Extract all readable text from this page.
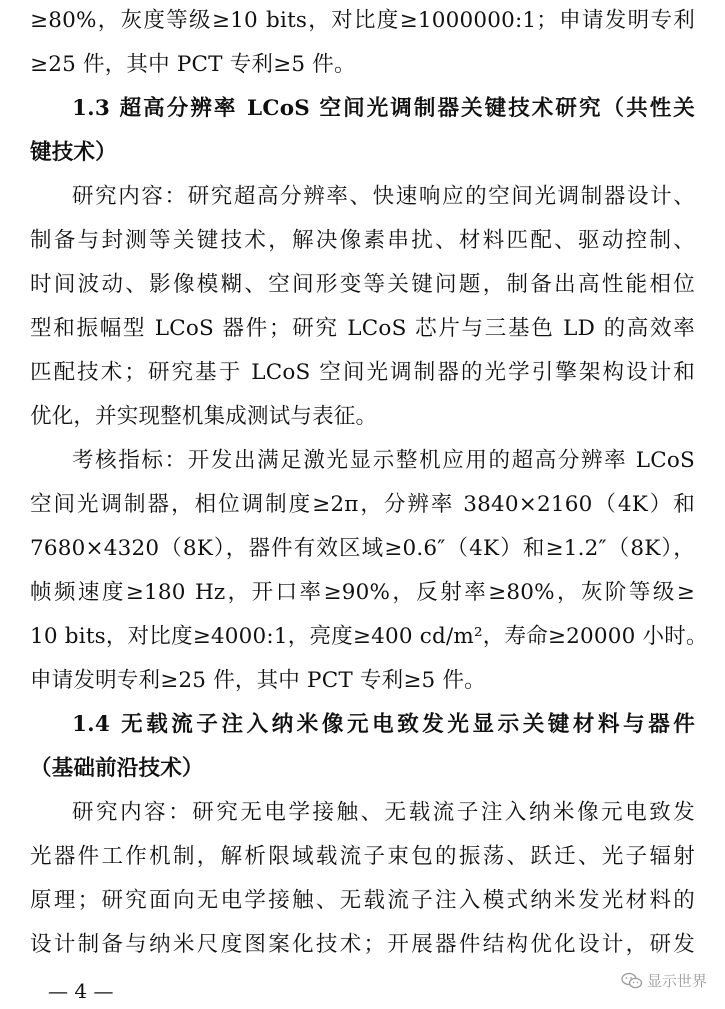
≥80%，灰度等级≥10 bits，对比度≥1000000:1；申请发明专利
≥25 件，其中 PCT 专利≥5 件。
1.3 超高分辨率 LCoS 空间光调制器关键技术研究（共性关
键技术）
研究内容：研究超高分辨率、快速响应的空间光调制器设计、
制备与封测等关键技术，解决像素串扰、材料匹配、驱动控制、
时间波动、影像模糊、空间形变等关键问题，制备出高性能相位
型和振幅型 LCoS 器件；研究 LCoS 芯片与三基色 LD 的高效率
匹配技术；研究基于 LCoS 空间光调制器的光学引擎架构设计和
优化，并实现整机集成测试与表征。
考核指标：开发出满足激光显示整机应用的超高分辨率 LCoS
空间光调制器，相位调制度≥2π，分辨率 3840×2160（4K）和
7680×4320（8K），器件有效区域≥0.6″（4K）和≥1.2″（8K），
帧频速度≥180 Hz，开口率≥90%，反射率≥80%，灰阶等级≥
10 bits，对比度≥4000:1，亮度≥400 cd/m²，寿命≥20000 小时。
申请发明专利≥25 件，其中 PCT 专利≥5 件。
1.4 无载流子注入纳米像元电致发光显示关键材料与器件
（基础前沿技术）
研究内容：研究无电学接触、无载流子注入纳米像元电致发
光器件工作机制，解析限域载流子束包的振荡、跃迁、光子辐射
原理；研究面向无电学接触、无载流子注入模式纳米发光材料的
设计制备与纳米尺度图案化技术；开展器件结构优化设计，研发
— 4 —	显示世界
